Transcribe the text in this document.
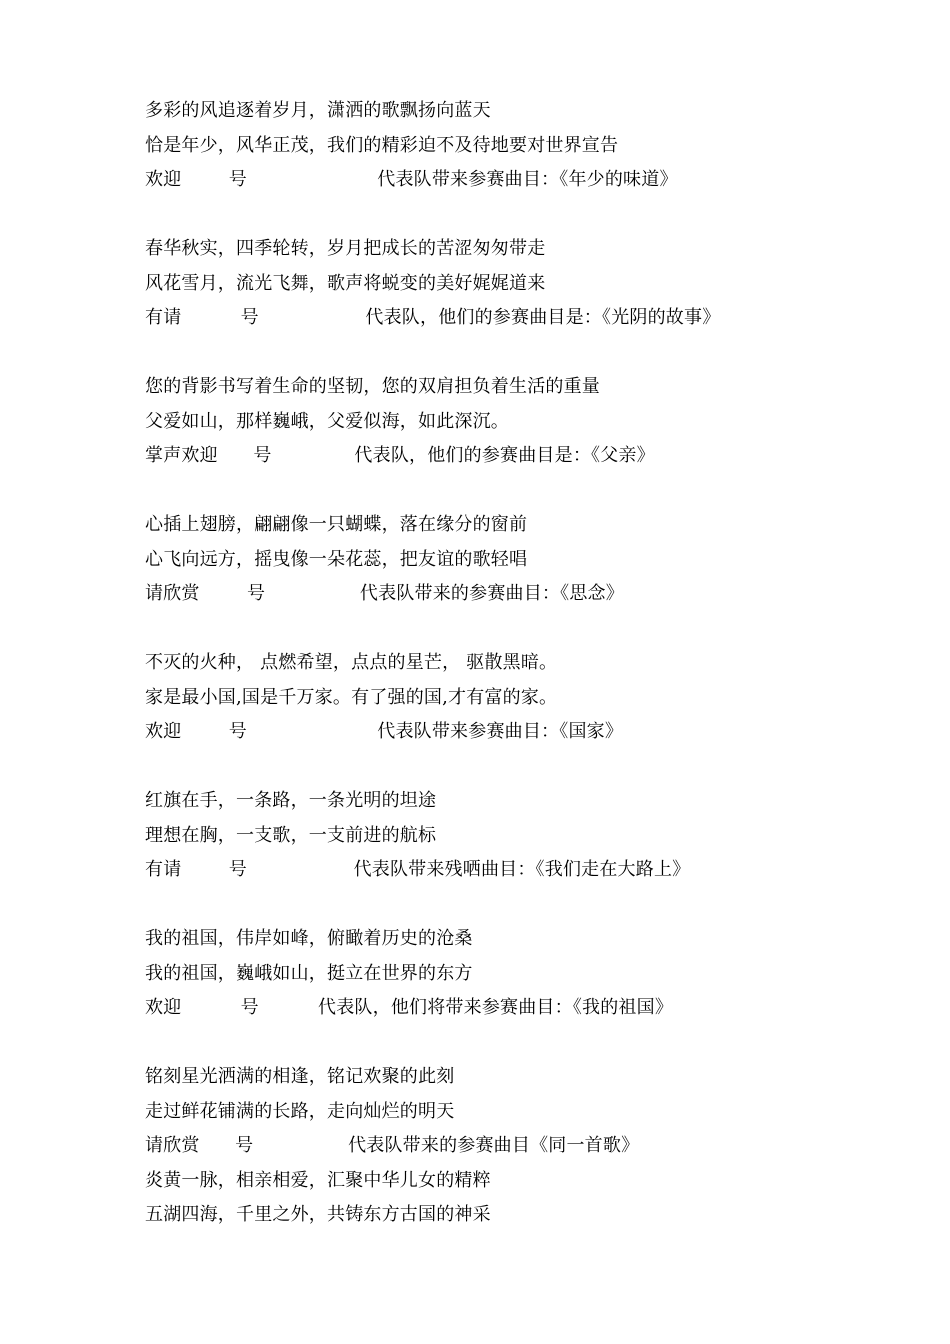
多彩的风追逐着岁月，潇洒的歌飘扬向蓝天
恰是年少，风华正茂，我们的精彩迫不及待地要对世界宣告
欢迎        号                      代表队带来参赛曲目：《年少的味道》
春华秋实，四季轮转，岁月把成长的苦涩匆匆带走
风花雪月，流光飞舞，歌声将蜕变的美好娓娓道来
有请          号                  代表队，他们的参赛曲目是：《光阴的故事》
您的背影书写着生命的坚韧，您的双肩担负着生活的重量
父爱如山，那样巍峨，父爱似海，如此深沉。
掌声欢迎      号              代表队，他们的参赛曲目是：《父亲》
心插上翅膀，翩翩像一只蝴蝶，落在缘分的窗前
心飞向远方，摇曳像一朵花蕊，把友谊的歌轻唱
请欣赏        号                代表队带来的参赛曲目：《思念》
不灭的火种， 点燃希望，点点的星芒， 驱散黑暗。
家是最小国,国是千万家。有了强的国,才有富的家。
欢迎        号                      代表队带来参赛曲目：《国家》
红旗在手，一条路，一条光明的坦途
理想在胸，一支歌，一支前进的航标
有请        号                  代表队带来残哂曲目：《我们走在大路上》
我的祖国，伟岸如峰，俯瞰着历史的沧桑
我的祖国，巍峨如山，挺立在世界的东方
欢迎          号          代表队，他们将带来参赛曲目：《我的祖国》
铭刻星光洒满的相逢，铭记欢聚的此刻
走过鲜花铺满的长路，走向灿烂的明天
请欣赏      号                代表队带来的参赛曲目《同一首歌》
炎黄一脉，相亲相爱，汇聚中华儿女的精粹
五湖四海，千里之外，共铸东方古国的神采
